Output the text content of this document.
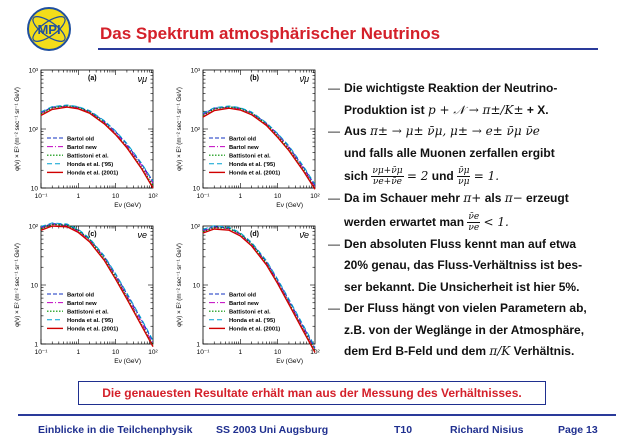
MPI Das Spektrum atmosphärischer Neutrinos
10⁻¹	1	10	10²
10
10²
10³
Eν (GeV)
φ(ν) × E² (m⁻² sec⁻¹ sr⁻¹ GeV)
(a)	νμ
Bartol old
Bartol new
Battistoni et al.
Honda et al. ('95)
Honda et al. (2001)
10⁻¹	1	10	10²
10
10²
10³
Eν (GeV)
φ(ν) × E² (m⁻² sec⁻¹ sr⁻¹ GeV)
(b)	ν̄μ
Bartol old
Bartol new
Battistoni et al.
Honda et al. ('95)
Honda et al. (2001)
10⁻¹	1	10	10²
1
10
10²
Eν (GeV)
φ(ν) × E² (m⁻² sec⁻¹ sr⁻¹ GeV)
(c)	νe
Bartol old
Bartol new
Battistoni et al.
Honda et al. ('95)
Honda et al. (2001)
10⁻¹	1	10	10²
1
10
10²
Eν (GeV)
φ(ν) × E² (m⁻² sec⁻¹ sr⁻¹ GeV)
(d)	ν̄e
Bartol old
Bartol new
Battistoni et al.
Honda et al. ('95)
Honda et al. (2001)
— Die wichtigste Reaktion der Neutrino-
Produktion ist p + 𝒩 → π±/K± + X.
— Aus π± → μ± ν̄μ, μ± → e± ν̄μ ν̄e
und falls alle Muonen zerfallen ergibt
sich $\frac{\nu\mu+\nū\mu}{\nu e+\nūe} = 2$ und $\frac{\nū\mu}{\nu\mu} = 1$.
— Da im Schauer mehr π+ als π− erzeugt
werden erwartet man $\frac{\nūe}{\nu e} < 1$.
— Den absoluten Fluss kennt man auf etwa
20% genau, das Fluss-Verhältniss ist bes-
ser bekannt. Die Unsicherheit ist hier 5%.
— Der Fluss hängt von vielen Parametern ab,
z.B. von der Weglänge in der Atmosphäre,
dem Erd B-Feld und dem π/K Verhältnis.
Die genauesten Resultate erhält man aus der Messung des Verhältnisses.
Einblicke in die Teilchenphysik SS 2003 Uni Augsburg	T10	Richard Nisius	Page 13
